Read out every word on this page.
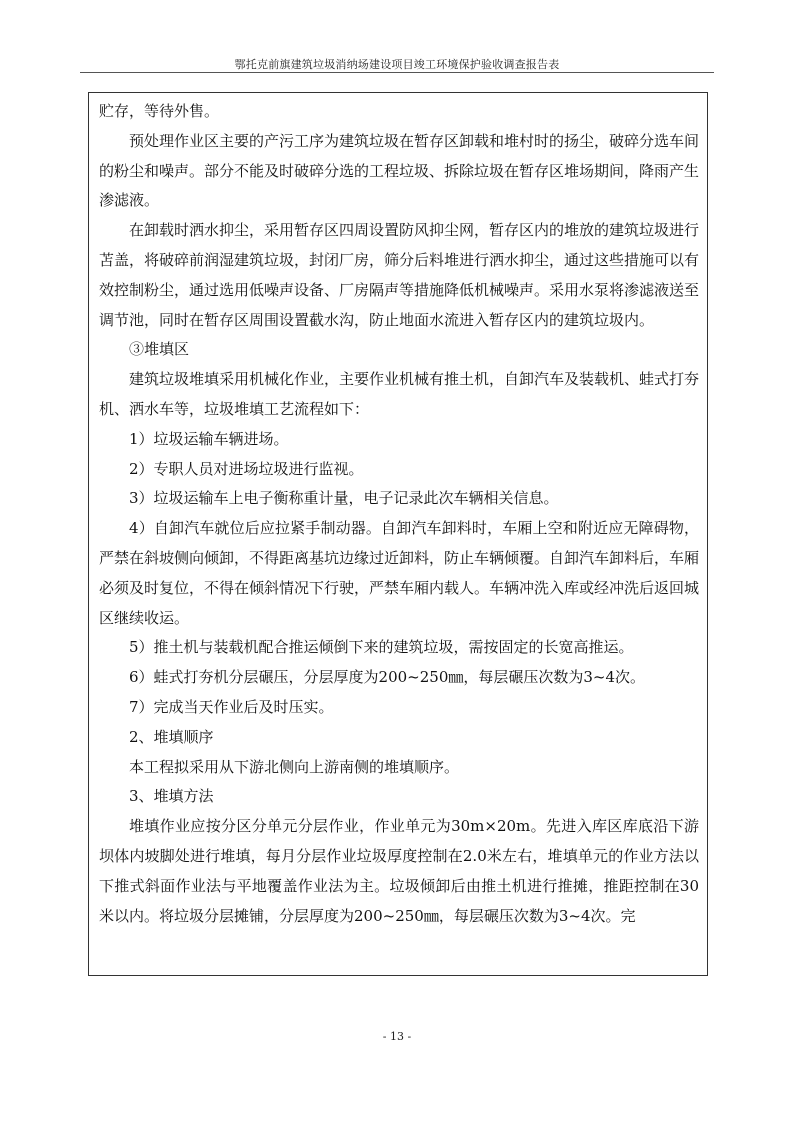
鄂托克前旗建筑垃圾消纳场建设项目竣工环境保护验收调查报告表

贮存，等待外售。

预处理作业区主要的产污工序为建筑垃圾在暂存区卸载和堆村时的扬尘，破碎分选车间的粉尘和噪声。部分不能及时破碎分选的工程垃圾、拆除垃圾在暂存区堆场期间，降雨产生渗滤液。

在卸载时洒水抑尘，采用暂存区四周设置防风抑尘网，暂存区内的堆放的建筑垃圾进行苫盖，将破碎前润湿建筑垃圾，封闭厂房，筛分后料堆进行洒水抑尘，通过这些措施可以有效控制粉尘，通过选用低噪声设备、厂房隔声等措施降低机械噪声。采用水泵将渗滤液送至调节池，同时在暂存区周围设置截水沟，防止地面水流进入暂存区内的建筑垃圾内。

③堆填区

建筑垃圾堆填采用机械化作业，主要作业机械有推土机，自卸汽车及装载机、蛙式打夯机、洒水车等，垃圾堆填工艺流程如下：

1）垃圾运输车辆进场。

2）专职人员对进场垃圾进行监视。

3）垃圾运输车上电子衡称重计量，电子记录此次车辆相关信息。

4）自卸汽车就位后应拉紧手制动器。自卸汽车卸料时，车厢上空和附近应无障碍物，严禁在斜坡侧向倾卸，不得距离基坑边缘过近卸料，防止车辆倾覆。自卸汽车卸料后，车厢必须及时复位，不得在倾斜情况下行驶，严禁车厢内载人。车辆冲洗入库或经冲洗后返回城区继续收运。

5）推土机与装载机配合推运倾倒下来的建筑垃圾，需按固定的长宽高推运。

6）蛙式打夯机分层碾压，分层厚度为200~250㎜，每层碾压次数为3~4次。

7）完成当天作业后及时压实。

2、堆填顺序

本工程拟采用从下游北侧向上游南侧的堆填顺序。

3、堆填方法

堆填作业应按分区分单元分层作业，作业单元为30m×20m。先进入库区库底沿下游坝体内坡脚处进行堆填，每月分层作业垃圾厚度控制在2.0米左右，堆填单元的作业方法以下推式斜面作业法与平地覆盖作业法为主。垃圾倾卸后由推土机进行推摊，推距控制在30米以内。将垃圾分层摊铺，分层厚度为200~250㎜，每层碾压次数为3~4次。完

- 13 -
